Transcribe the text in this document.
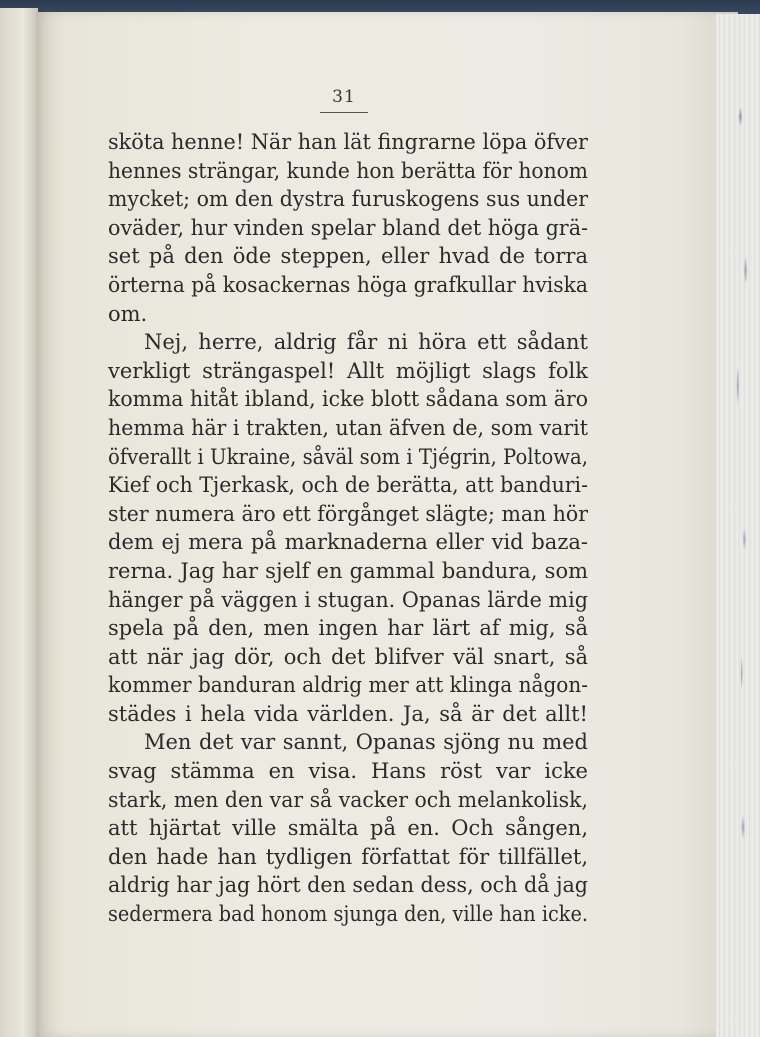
31
sköta henne! När han lät fingrarne löpa öfver
hennes strängar, kunde hon berätta för honom
mycket; om den dystra furuskogens sus under
oväder, hur vinden spelar bland det höga grä-
set på den öde steppen, eller hvad de torra
örterna på kosackernas höga grafkullar hviska
om.
Nej, herre, aldrig får ni höra ett sådant
verkligt strängaspel! Allt möjligt slags folk
komma hitåt ibland, icke blott sådana som äro
hemma här i trakten, utan äfven de, som varit
öfverallt i Ukraine, såväl som i Tjégrin, Poltowa,
Kief och Tjerkask, och de berätta, att banduri-
ster numera äro ett förgånget slägte; man hör
dem ej mera på marknaderna eller vid baza-
rerna. Jag har sjelf en gammal bandura, som
hänger på väggen i stugan. Opanas lärde mig
spela på den, men ingen har lärt af mig, så
att när jag dör, och det blifver väl snart, så
kommer banduran aldrig mer att klinga någon-
städes i hela vida världen. Ja, så är det allt!
Men det var sannt, Opanas sjöng nu med
svag stämma en visa. Hans röst var icke
stark, men den var så vacker och melankolisk,
att hjärtat ville smälta på en. Och sången,
den hade han tydligen författat för tillfället,
aldrig har jag hört den sedan dess, och då jag
sedermera bad honom sjunga den, ville han icke.
